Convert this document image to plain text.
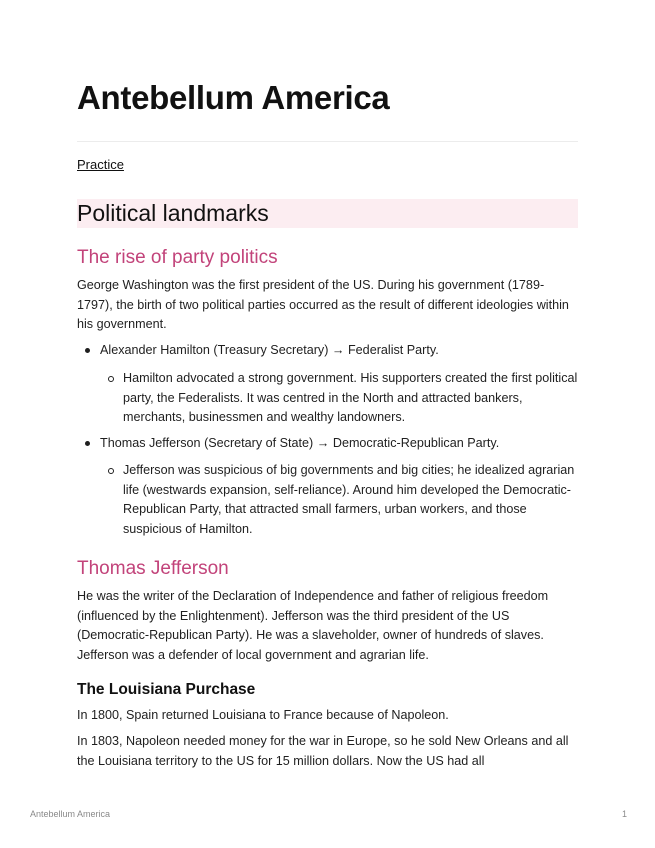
Antebellum America
Practice
Political landmarks
The rise of party politics

George Washington was the first president of the US. During his government (1789-1797), the birth of two political parties occurred as the result of different ideologies within his government.

Alexander Hamilton (Treasury Secretary) → Federalist Party.
Hamilton advocated a strong government. His supporters created the first political party, the Federalists. It was centred in the North and attracted bankers, merchants, businessmen and wealthy landowners.
Thomas Jefferson (Secretary of State) → Democratic-Republican Party.
Jefferson was suspicious of big governments and big cities; he idealized agrarian life (westwards expansion, self-reliance). Around him developed the Democratic-Republican Party, that attracted small farmers, urban workers, and those suspicious of Hamilton.
Thomas Jefferson

He was the writer of the Declaration of Independence and father of religious freedom (influenced by the Enlightenment). Jefferson was the third president of the US (Democratic-Republican Party). He was a slaveholder, owner of hundreds of slaves. Jefferson was a defender of local government and agrarian life.

The Louisiana Purchase

In 1800, Spain returned Louisiana to France because of Napoleon.

In 1803, Napoleon needed money for the war in Europe, so he sold New Orleans and all the Louisiana territory to the US for 15 million dollars. Now the US had all

Antebellum America	1
